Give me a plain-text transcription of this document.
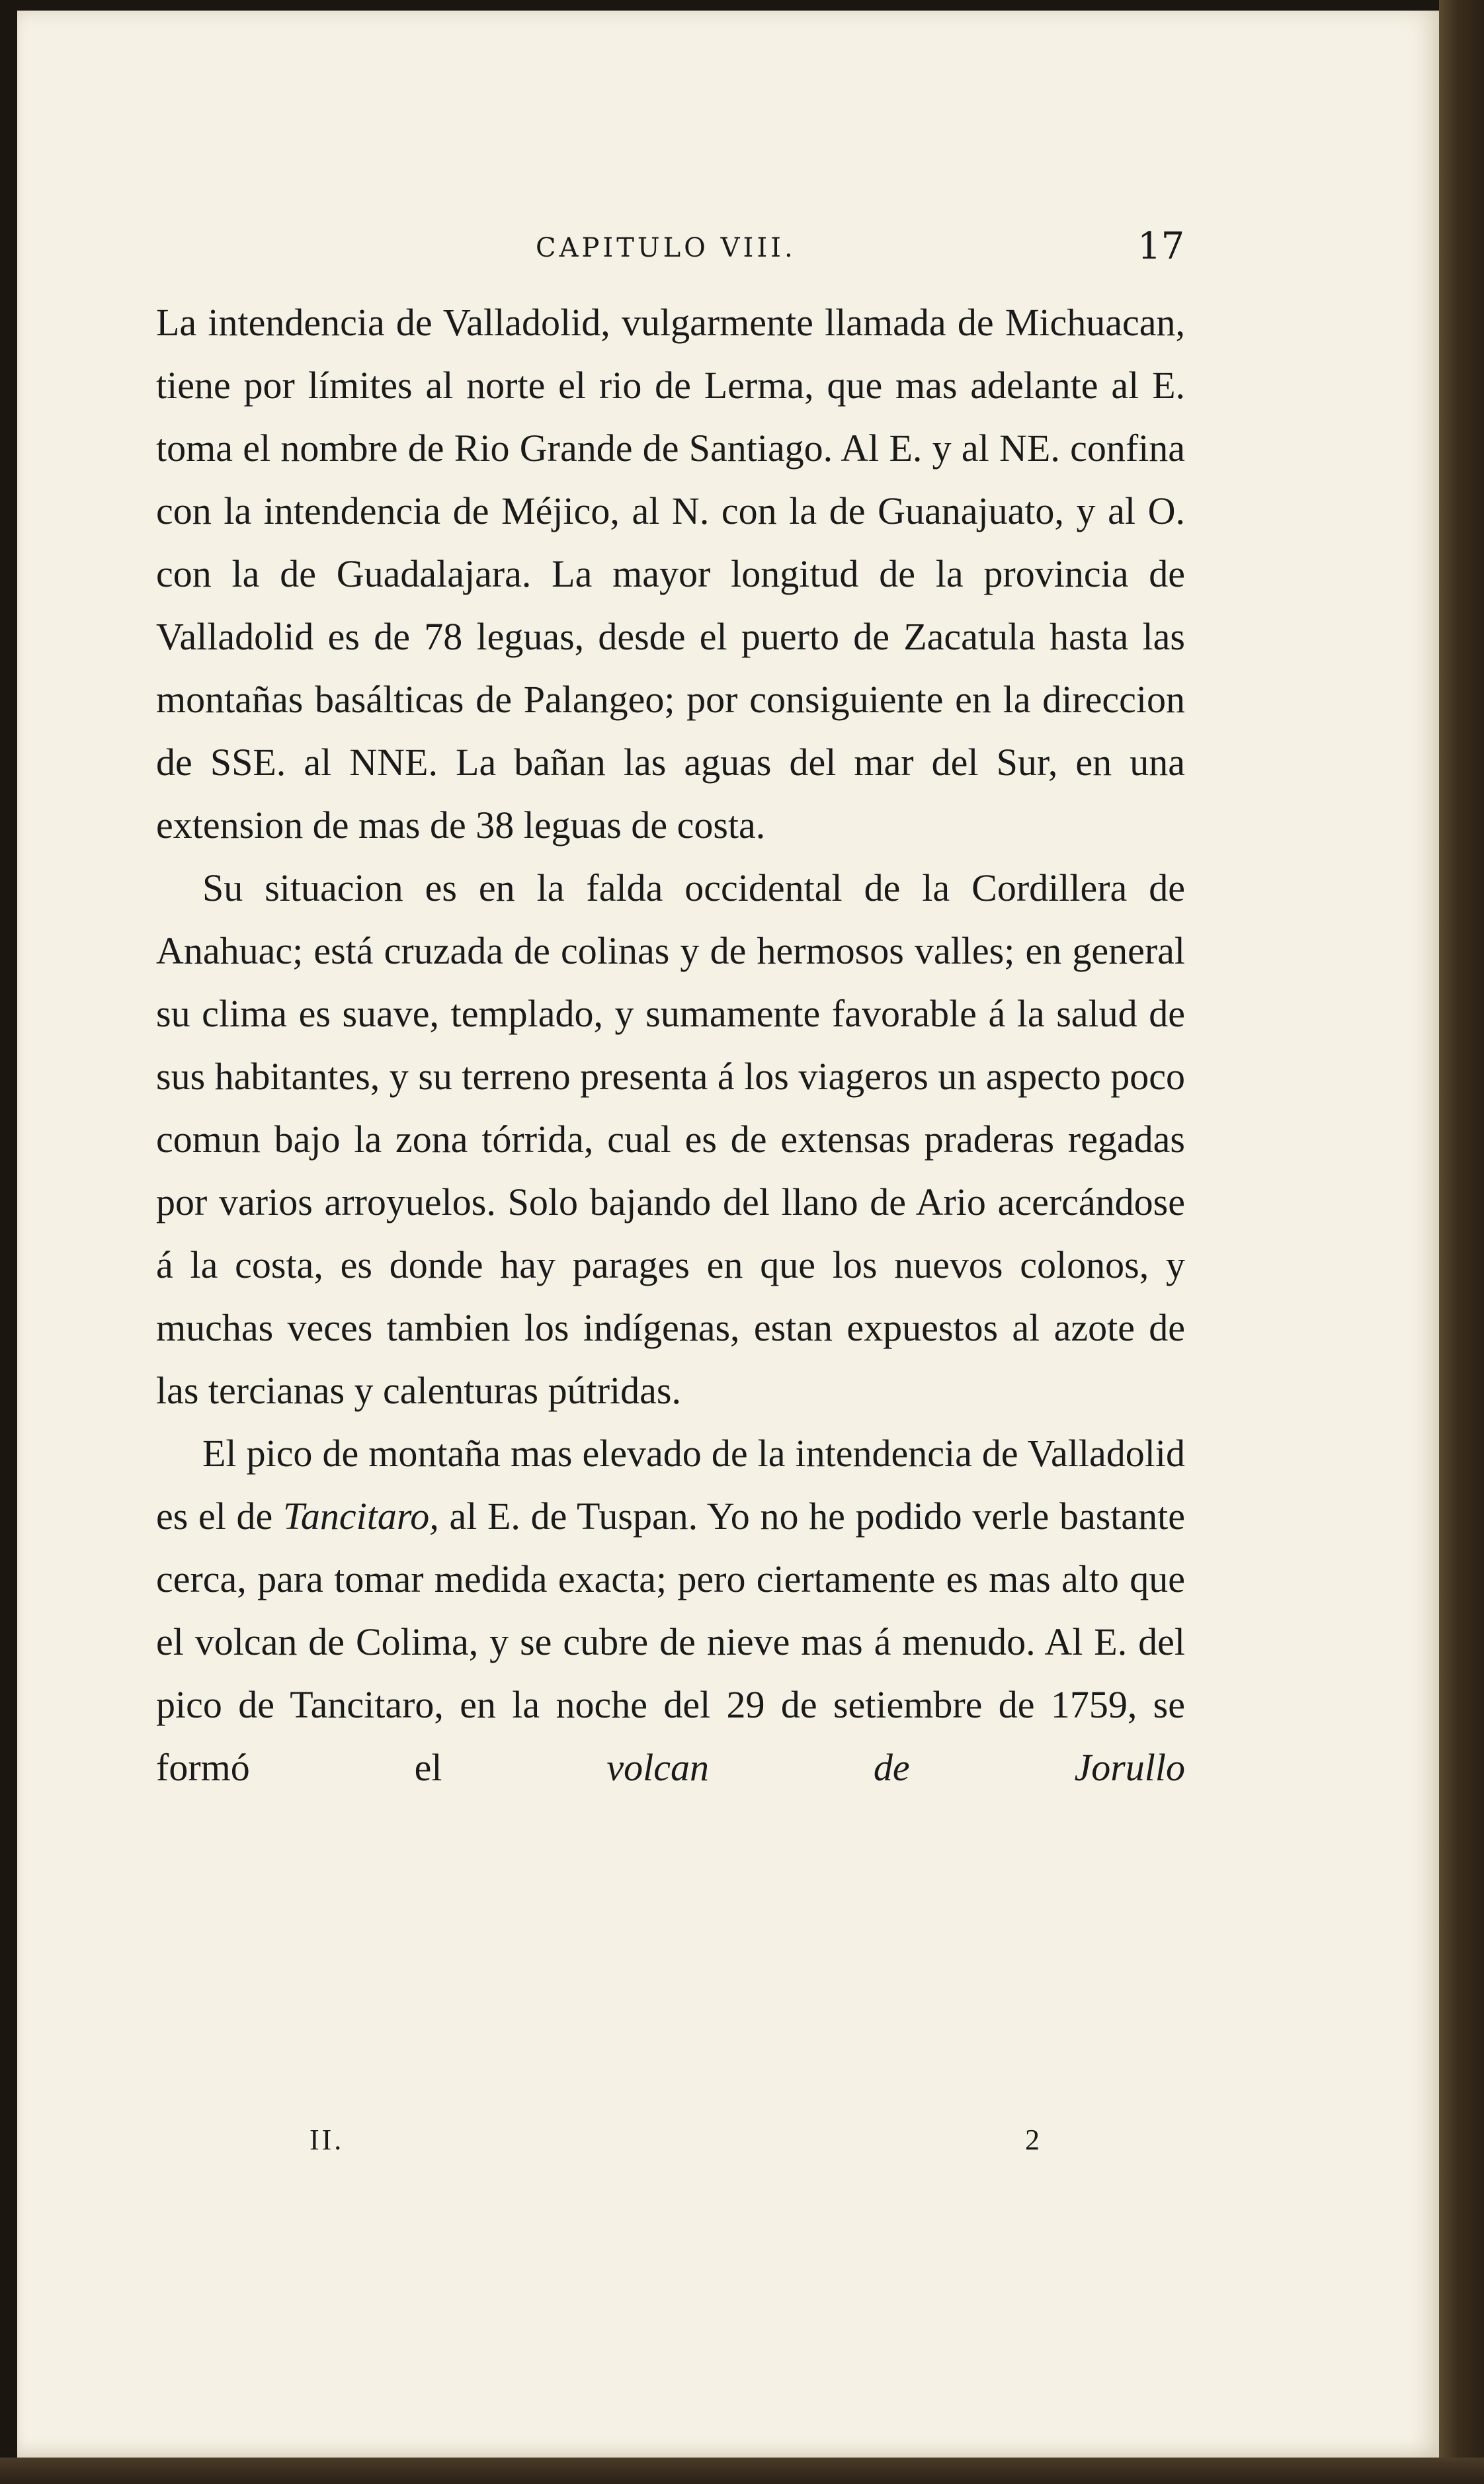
CAPITULO VIII.	17

La intendencia de Valladolid, vulgarmente llamada de Michuacan, tiene por límites al norte el rio de Lerma, que mas adelante al E. toma el nombre de Rio Grande de Santiago. Al E. y al NE. confina con la intendencia de Méjico, al N. con la de Guanajuato, y al O. con la de Guadalajara. La mayor longitud de la provincia de Valladolid es de 78 leguas, desde el puerto de Zacatula hasta las montañas basálticas de Palangeo; por consiguiente en la direccion de SSE. al NNE. La bañan las aguas del mar del Sur, en una extension de mas de 38 leguas de costa.

Su situacion es en la falda occidental de la Cordillera de Anahuac; está cruzada de colinas y de hermosos valles; en general su clima es suave, templado, y sumamente favorable á la salud de sus habitantes, y su terreno presenta á los viageros un aspecto poco comun bajo la zona tórrida, cual es de extensas praderas regadas por varios arroyuelos. Solo bajando del llano de Ario acercándose á la costa, es donde hay parages en que los nuevos colonos, y muchas veces tambien los indígenas, estan expuestos al azote de las tercianas y calenturas pútridas.

El pico de montaña mas elevado de la intendencia de Valladolid es el de Tancitaro, al E. de Tuspan. Yo no he podido verle bastante cerca, para tomar medida exacta; pero ciertamente es mas alto que el volcan de Colima, y se cubre de nieve mas á menudo. Al E. del pico de Tancitaro, en la noche del 29 de setiembre de 1759, se formó el volcan de Jorullo

II.	2
